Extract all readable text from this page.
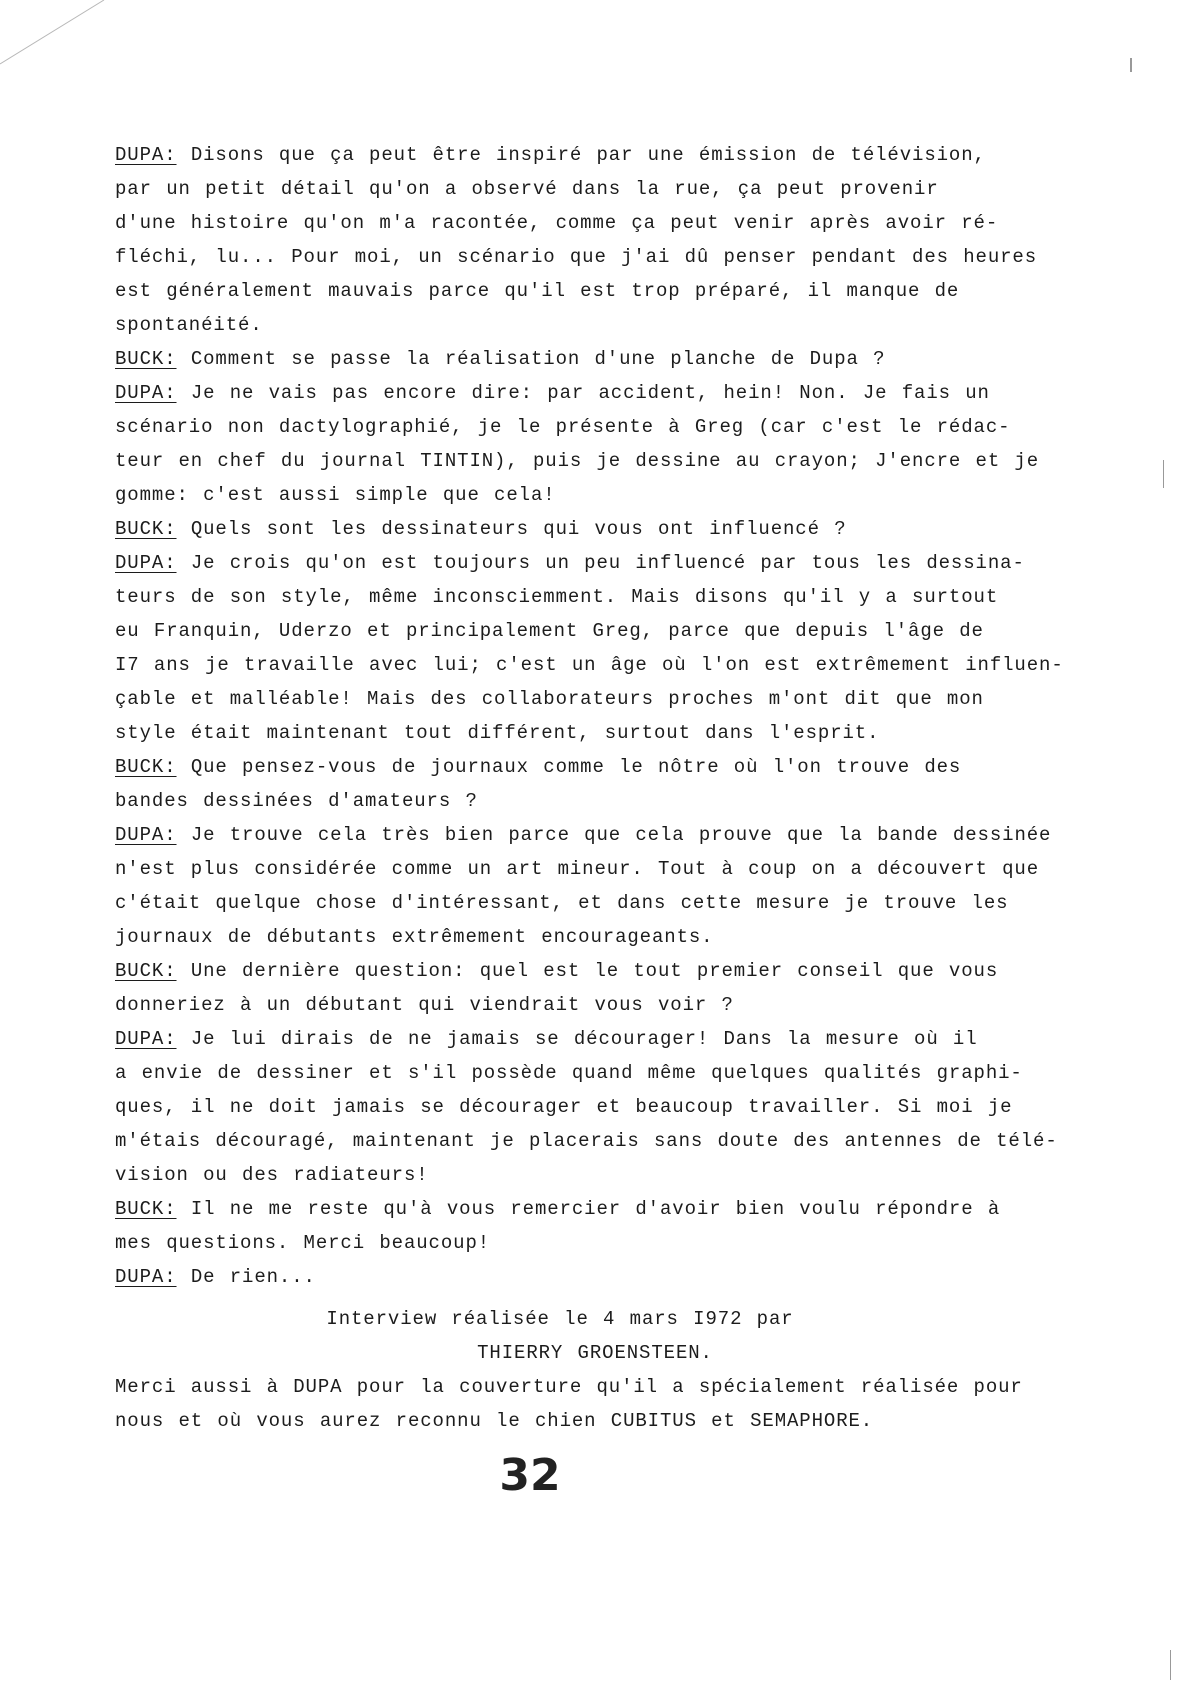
DUPA: Disons que ça peut être inspiré par une émission de télévision,
par un petit détail qu'on a observé dans la rue, ça peut provenir
d'une histoire qu'on m'a racontée, comme ça peut venir après avoir ré-
fléchi, lu... Pour moi, un scénario que j'ai dû penser pendant des heures
est généralement mauvais parce qu'il est trop préparé, il manque de
spontanéité.
BUCK: Comment se passe la réalisation d'une planche de Dupa ?
DUPA: Je ne vais pas encore dire: par accident, hein! Non. Je fais un
scénario non dactylographié, je le présente à Greg (car c'est le rédac-
teur en chef du journal TINTIN), puis je dessine au crayon; J'encre et je
gomme: c'est aussi simple que cela!
BUCK: Quels sont les dessinateurs qui vous ont influencé ?
DUPA: Je crois qu'on est toujours un peu influencé par tous les dessina-
teurs de son style, même inconsciemment. Mais disons qu'il y a surtout
eu Franquin, Uderzo et principalement Greg, parce que depuis l'âge de
I7 ans je travaille avec lui; c'est un âge où l'on est extrêmement influen-
çable et malléable! Mais des collaborateurs proches m'ont dit que mon
style était maintenant tout différent, surtout dans l'esprit.
BUCK: Que pensez-vous de journaux comme le nôtre où l'on trouve des
bandes dessinées d'amateurs ?
DUPA: Je trouve cela très bien parce que cela prouve que la bande dessinée
n'est plus considérée comme un art mineur. Tout à coup on a découvert que
c'était quelque chose d'intéressant, et dans cette mesure je trouve les
journaux de débutants extrêmement encourageants.
BUCK: Une dernière question: quel est le tout premier conseil que vous
donneriez à un débutant qui viendrait vous voir ?
DUPA: Je lui dirais de ne jamais se décourager! Dans la mesure où il
a envie de dessiner et s'il possède quand même quelques qualités graphi-
ques, il ne doit jamais se décourager et beaucoup travailler. Si moi je
m'étais découragé, maintenant je placerais sans doute des antennes de télé-
vision ou des radiateurs!
BUCK: Il ne me reste qu'à vous remercier d'avoir bien voulu répondre à
mes questions. Merci beaucoup!
DUPA: De rien...
Interview réalisée le 4 mars I972 par
THIERRY GROENSTEEN.
Merci aussi à DUPA pour la couverture qu'il a spécialement réalisée pour
nous et où vous aurez reconnu le chien CUBITUS et SEMAPHORE.
32
